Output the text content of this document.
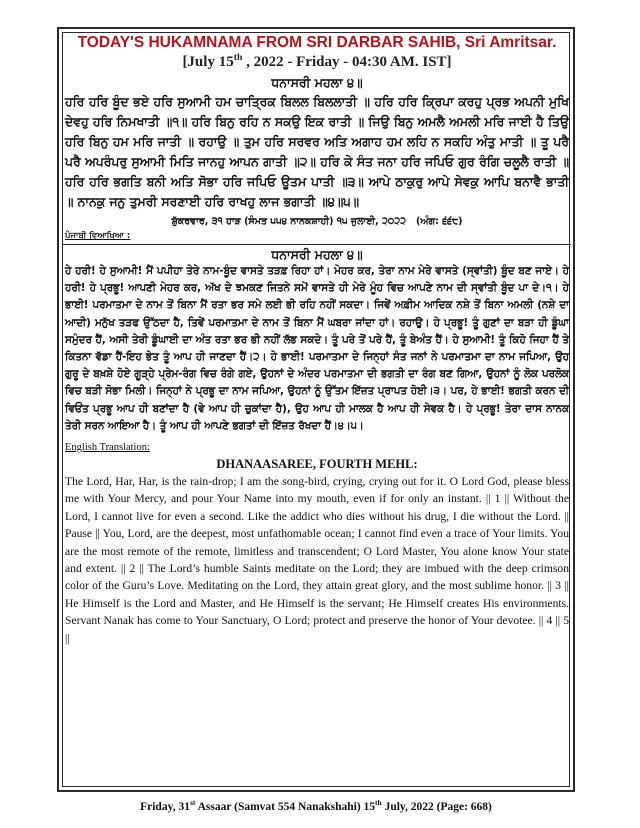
TODAY'S HUKAMNAMA FROM SRI DARBAR SAHIB, Sri Amritsar.
[July 15th , 2022 - Friday - 04:30 AM. IST]
ਧਨਾਸਰੀ ਮਹਲਾ ੪॥
ਹਰਿ ਹਰਿ ਬੂੰਦ ਭਏ ਹਰਿ ਸੁਆਮੀ ਹਮ ਚਾਤ੍ਰਿਕ ਬਿਲਲ ਬਿਲਲਾਤੀ ॥ ਹਰਿ ਹਰਿ ਕ੍ਰਿਪਾ ਕਰਹੁ ਪ੍ਰਭ ਅਪਨੀ ਮੁਖਿ ਦੇਵਹੁ ਹਰਿ ਨਿਮਖਾਤੀ ॥੧॥ ਹਰਿ ਬਿਨੁ ਰਹਿ ਨ ਸਕਉ ਇਕ ਰਾਤੀ ॥ ਜਿਉ ਬਿਨੁ ਅਮਲੈ ਅਮਲੀ ਮਰਿ ਜਾਈ ਹੈ ਤਿਉ ਹਰਿ ਬਿਨੁ ਹਮ ਮਰਿ ਜਾਤੀ ॥ ਰਹਾਉ ॥ ਤੁਮ ਹਰਿ ਸਰਵਰ ਅਤਿ ਅਗਾਹ ਹਮ ਲਹਿ ਨ ਸਕਹਿ ਅੰਤੁ ਮਾਤੀ ॥ ਤੂ ਪਰੈ ਪਰੈ ਅਪਰੰਪਰੁ ਸੁਆਮੀ ਮਿਤਿ ਜਾਨਹੁ ਆਪਨ ਗਾਤੀ ॥੨॥ ਹਰਿ ਕੇ ਸੰਤ ਜਨਾ ਹਰਿ ਜਪਿਓ ਗੁਰ ਰੰਗਿ ਚਲੂਲੈ ਰਾਤੀ ॥ ਹਰਿ ਹਰਿ ਭਗਤਿ ਬਨੀ ਅਤਿ ਸੋਭਾ ਹਰਿ ਜਪਿਓ ਊਤਮ ਪਾਤੀ ॥੩॥ ਆਪੇ ਠਾਕੁਰੁ ਆਪੇ ਸੇਵਕੁ ਆਪਿ ਬਨਾਵੈ ਭਾਤੀ ॥ ਨਾਨਕੁ ਜਨੁ ਤੁਮਰੀ ਸਰਣਾਈ ਹਰਿ ਰਾਖਹੁ ਲਾਜ ਭਗਾਤੀ ॥੪॥੫॥
ਸ਼ੁੱਕਰਵਾਰ, ੩੧ ਹਾੜ (ਸੰਮਤ ੫੫੪ ਨਾਨਕਸ਼ਾਹੀ) ੧੫ ਜੁਲਾਈ, ੨੦੨੨ (ਅੰਗ: ੬੬੮)
ਪੰਜਾਬੀ ਵਿਆਖਿਆ :
ਧਨਾਸਰੀ ਮਹਲਾ ੪॥
ਹੇ ਹਰੀ! ਹੇ ਸੁਆਮੀ! ਮੈਂ ਪਪੀਹਾ ਤੇਰੇ ਨਾਮ-ਬੂੰਦ ਵਾਸਤੇ ਤੜਫ਼ ਰਿਹਾ ਹਾਂ। ਮੇਹਰ ਕਰ, ਤੇਰਾ ਨਾਮ ਮੇਰੇ ਵਾਸਤੇ (ਸ੍ਵਾਂਤੀ) ਬੂੰਦ ਬਣ ਜਾਏ। ਹੇ ਹਰੀ! ਹੇ ਪ੍ਰਭੂ! ਆਪਣੀ ਮੇਹਰ ਕਰ, ਅੱਖ ਦੇ ਝਮਕਣ ਜਿਤਨੇ ਸਮੇਂ ਵਾਸਤੇ ਹੀ ਮੇਰੇ ਮੂੰਹ ਵਿਚ ਆਪਣੇ ਨਾਮ ਦੀ ਸ੍ਵਾਂਤੀ ਬੂੰਦ ਪਾ ਦੇ।੧। ਹੇ ਭਾਈ! ਪਰਮਾਤਮਾ ਦੇ ਨਾਮ ਤੋਂ ਬਿਨਾ ਮੈਂ ਰਤਾ ਭਰ ਸਮੇ ਲਈ ਭੀ ਰਹਿ ਨਹੀਂ ਸਕਦਾ। ਜਿਵੇਂ ਅਫ਼ੀਮ ਆਦਿਕ ਨਸ਼ੇ ਤੋਂ ਬਿਨਾ ਅਮਲੀ (ਨਸ਼ੇ ਦਾ ਆਦੀ) ਮਨੁੱਖ ਤੜਫ ਉੱਠਦਾ ਹੈ, ਤਿਵੇਂ ਪਰਮਾਤਮਾ ਦੇ ਨਾਮ ਤੋਂ ਬਿਨਾ ਮੈਂ ਘਬਰਾ ਜਾਂਦਾ ਹਾਂ। ਰਹਾਉ। ਹੇ ਪ੍ਰਭੂ! ਤੂੰ ਗੁਣਾਂ ਦਾ ਬੜਾ ਹੀ ਡੂੰਘਾ ਸਮੁੰਦਰ ਹੈਂ, ਅਸੀ ਤੇਰੀ ਡੂੰਘਾਈ ਦਾ ਅੰਤ ਰਤਾ ਭਰ ਭੀ ਨਹੀਂ ਲੱਭ ਸਕਦੇ। ਤੂੰ ਪਰੇ ਤੋਂ ਪਰੇ ਹੈਂ, ਤੂੰ ਬੇਅੰਤ ਹੈਂ। ਹੇ ਸੁਆਮੀ! ਤੂੰ ਕਿਹੋ ਜਿਹਾ ਹੈਂ ਤੇ ਕਿਤਨਾ ਵੱਡਾ ਹੈਂ-ਇਹ ਭੇਤ ਤੂੰ ਆਪ ਹੀ ਜਾਣਦਾ ਹੈਂ।੨। ਹੇ ਭਾਈ! ਪਰਮਾਤਮਾ ਦੇ ਜਿਨ੍ਹਾਂ ਸੰਤ ਜਨਾਂ ਨੇ ਪਰਮਾਤਮਾ ਦਾ ਨਾਮ ਜਪਿਆ, ਉਹ ਗੁਰੂ ਦੇ ਬਖ਼ਸ਼ੇ ਹੋਏ ਗੂੜ੍ਹੇ ਪ੍ਰੇਮ-ਰੰਗ ਵਿਚ ਰੰਗੇ ਗਏ, ਉਹਨਾਂ ਦੇ ਅੰਦਰ ਪਰਮਾਤਮਾ ਦੀ ਭਗਤੀ ਦਾ ਰੰਗ ਬਣ ਗਿਆ, ਉਹਨਾਂ ਨੂੰ ਲੋਕ ਪਰਲੋਕ ਵਿਚ ਬੜੀ ਸੋਭਾ ਮਿਲੀ। ਜਿਨ੍ਹਾਂ ਨੇ ਪ੍ਰਭੂ ਦਾ ਨਾਮ ਜਪਿਆ, ਉਹਨਾਂ ਨੂੰ ਉੱਤਮ ਇੱਜ਼ਤ ਪ੍ਰਾਪਤ ਹੋਈ।੩। ਪਰ, ਹੇ ਭਾਈ! ਭਗਤੀ ਕਰਨ ਦੀ ਵਿਓਂਤ ਪ੍ਰਭੂ ਆਪ ਹੀ ਬਣਾਂਦਾ ਹੈ (ਵੇ ਆਪ ਹੀ ਚੁਕਾਂਦਾ ਹੈ), ਉਹ ਆਪ ਹੀ ਮਾਲਕ ਹੈ ਆਪ ਹੀ ਸੇਵਕ ਹੈ। ਹੇ ਪ੍ਰਭੂ! ਤੇਰਾ ਦਾਸ ਨਾਨਕ ਤੇਰੀ ਸਰਨ ਆਇਆ ਹੈ। ਤੂੰ ਆਪ ਹੀ ਆਪਣੇ ਭਗਤਾਂ ਦੀ ਇੱਜ਼ਤ ਰੱਖਦਾ ਹੈਂ।੪।੫।
English Translation:
DHANAASAREE, FOURTH MEHL:
The Lord, Har, Har, is the rain-drop; I am the song-bird, crying, crying out for it. O Lord God, please bless me with Your Mercy, and pour Your Name into my mouth, even if for only an instant. || 1 || Without the Lord, I cannot live for even a second. Like the addict who dies without his drug, I die without the Lord. || Pause || You, Lord, are the deepest, most unfathomable ocean; I cannot find even a trace of Your limits. You are the most remote of the remote, limitless and transcendent; O Lord Master, You alone know Your state and extent. || 2 || The Lord’s humble Saints meditate on the Lord; they are imbued with the deep crimson color of the Guru’s Love. Meditating on the Lord, they attain great glory, and the most sublime honor. || 3 || He Himself is the Lord and Master, and He Himself is the servant; He Himself creates His environments. Servant Nanak has come to Your Sanctuary, O Lord; protect and preserve the honor of Your devotee. || 4 || 5 ||
Friday, 31st Assaar (Samvat 554 Nanakshahi) 15th July, 2022 (Page: 668)
